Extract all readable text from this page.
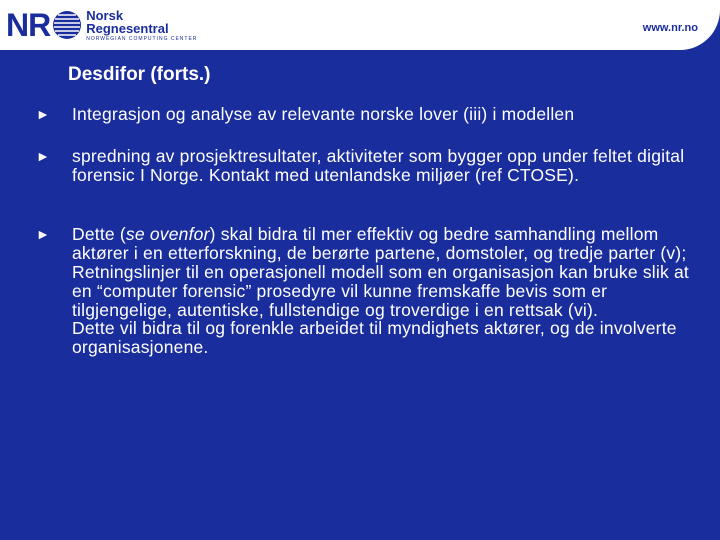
NR	Norsk
Regnesentral
NORWEGIAN COMPUTING CENTER
www.nr.no
Desdifor (forts.)
►	Integrasjon og analyse av relevante norske lover (iii) i modellen
►	spredning av prosjektresultater, aktiviteter som bygger opp under feltet digital forensic I Norge. Kontakt med utenlandske miljøer (ref CTOSE).
►	Dette (se ovenfor) skal bidra til mer effektiv og bedre samhandling mellom aktører i en etterforskning, de berørte partene, domstoler, og tredje parter (v);
Retningslinjer til en operasjonell modell som en organisasjon kan bruke slik at en “computer forensic” prosedyre vil kunne fremskaffe bevis som er tilgjengelige, autentiske, fullstendige og troverdige i en rettsak (vi).
Dette vil bidra til og forenkle arbeidet til myndighets aktører, og de involverte organisasjonene.
